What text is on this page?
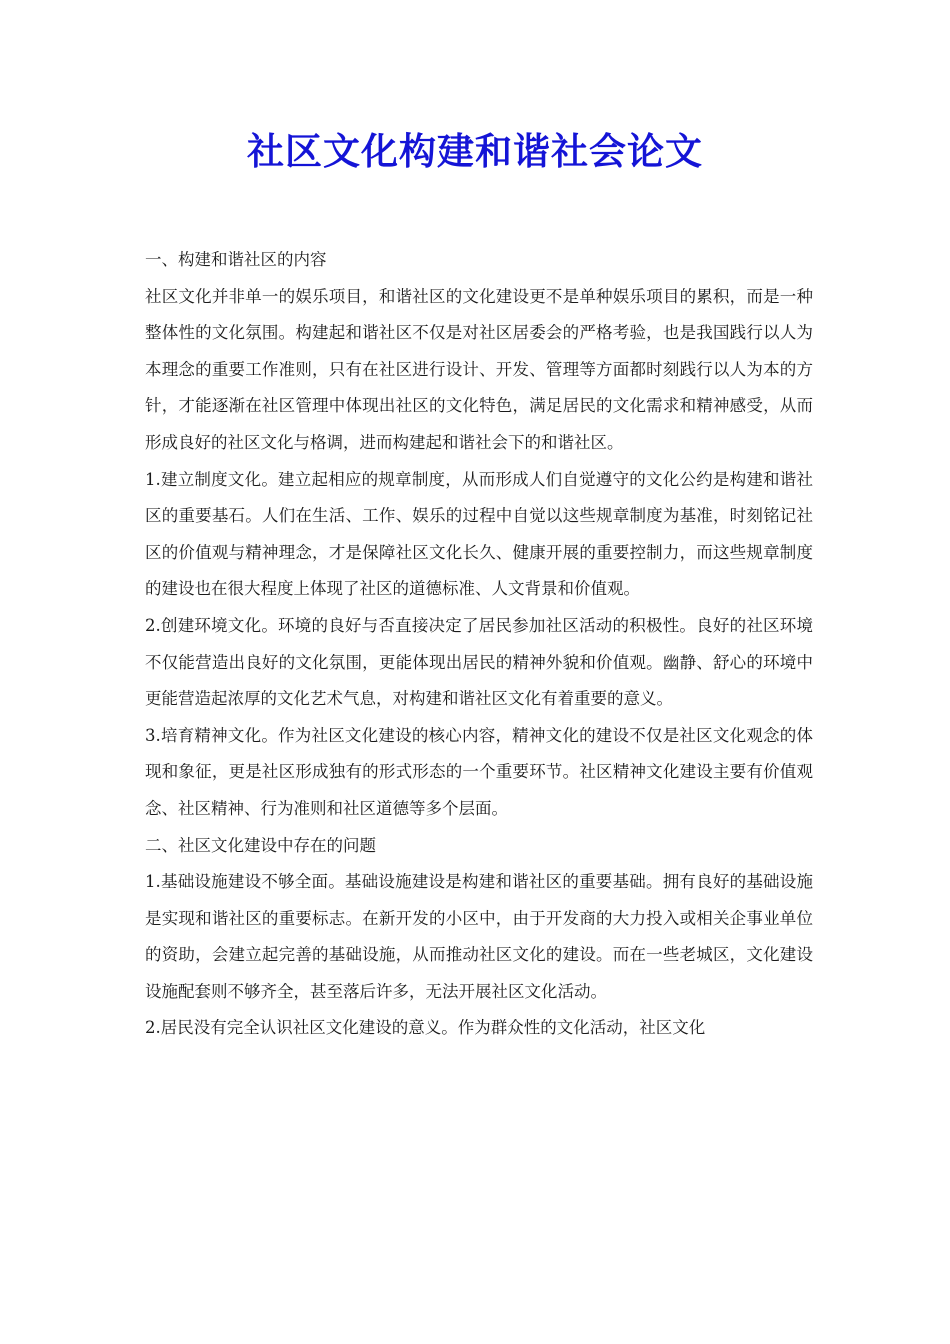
社区文化构建和谐社会论文

一、构建和谐社区的内容

社区文化并非单一的娱乐项目，和谐社区的文化建设更不是单种娱乐项目的累积，而是一种整体性的文化氛围。构建起和谐社区不仅是对社区居委会的严格考验，也是我国践行以人为本理念的重要工作准则，只有在社区进行设计、开发、管理等方面都时刻践行以人为本的方针，才能逐渐在社区管理中体现出社区的文化特色，满足居民的文化需求和精神感受，从而形成良好的社区文化与格调，进而构建起和谐社会下的和谐社区。

1.建立制度文化。建立起相应的规章制度，从而形成人们自觉遵守的文化公约是构建和谐社区的重要基石。人们在生活、工作、娱乐的过程中自觉以这些规章制度为基准，时刻铭记社区的价值观与精神理念，才是保障社区文化长久、健康开展的重要控制力，而这些规章制度的建设也在很大程度上体现了社区的道德标准、人文背景和价值观。

2.创建环境文化。环境的良好与否直接决定了居民参加社区活动的积极性。良好的社区环境不仅能营造出良好的文化氛围，更能体现出居民的精神外貌和价值观。幽静、舒心的环境中更能营造起浓厚的文化艺术气息，对构建和谐社区文化有着重要的意义。

3.培育精神文化。作为社区文化建设的核心内容，精神文化的建设不仅是社区文化观念的体现和象征，更是社区形成独有的形式形态的一个重要环节。社区精神文化建设主要有价值观念、社区精神、行为准则和社区道德等多个层面。

二、社区文化建设中存在的问题

1.基础设施建设不够全面。基础设施建设是构建和谐社区的重要基础。拥有良好的基础设施是实现和谐社区的重要标志。在新开发的小区中，由于开发商的大力投入或相关企事业单位的资助，会建立起完善的基础设施，从而推动社区文化的建设。而在一些老城区，文化建设设施配套则不够齐全，甚至落后许多，无法开展社区文化活动。

2.居民没有完全认识社区文化建设的意义。作为群众性的文化活动，社区文化
